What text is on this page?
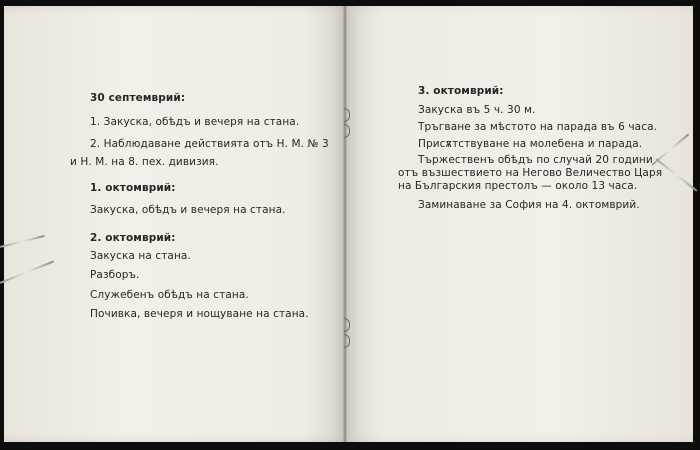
30 септемврий:

1. Закуска, обѣдъ и вечеря на стана.

2. Наблюдаване действията отъ Н. М. № 3

и Н. М. на 8. пех. дивизия.

1. октомврий:

Закуска, обѣдъ и вечеря на стана.

2. октомврий:

Закуска на стана.

Разборъ.

Служебенъ обѣдъ на стана.

Почивка, вечеря и нощуване на стана.

3. октомврий:

Закуска въ 5 ч. 30 м.

Тръгване за мѣстото на парада въ 6 часа.

Присѫтствуване на молебена и парада.

Тържественъ обѣдъ по случай 20 години

отъ възшествието на Негово Величество Царя

на Българския престолъ — около 13 часа.

Заминаване за София на 4. октомврий.
